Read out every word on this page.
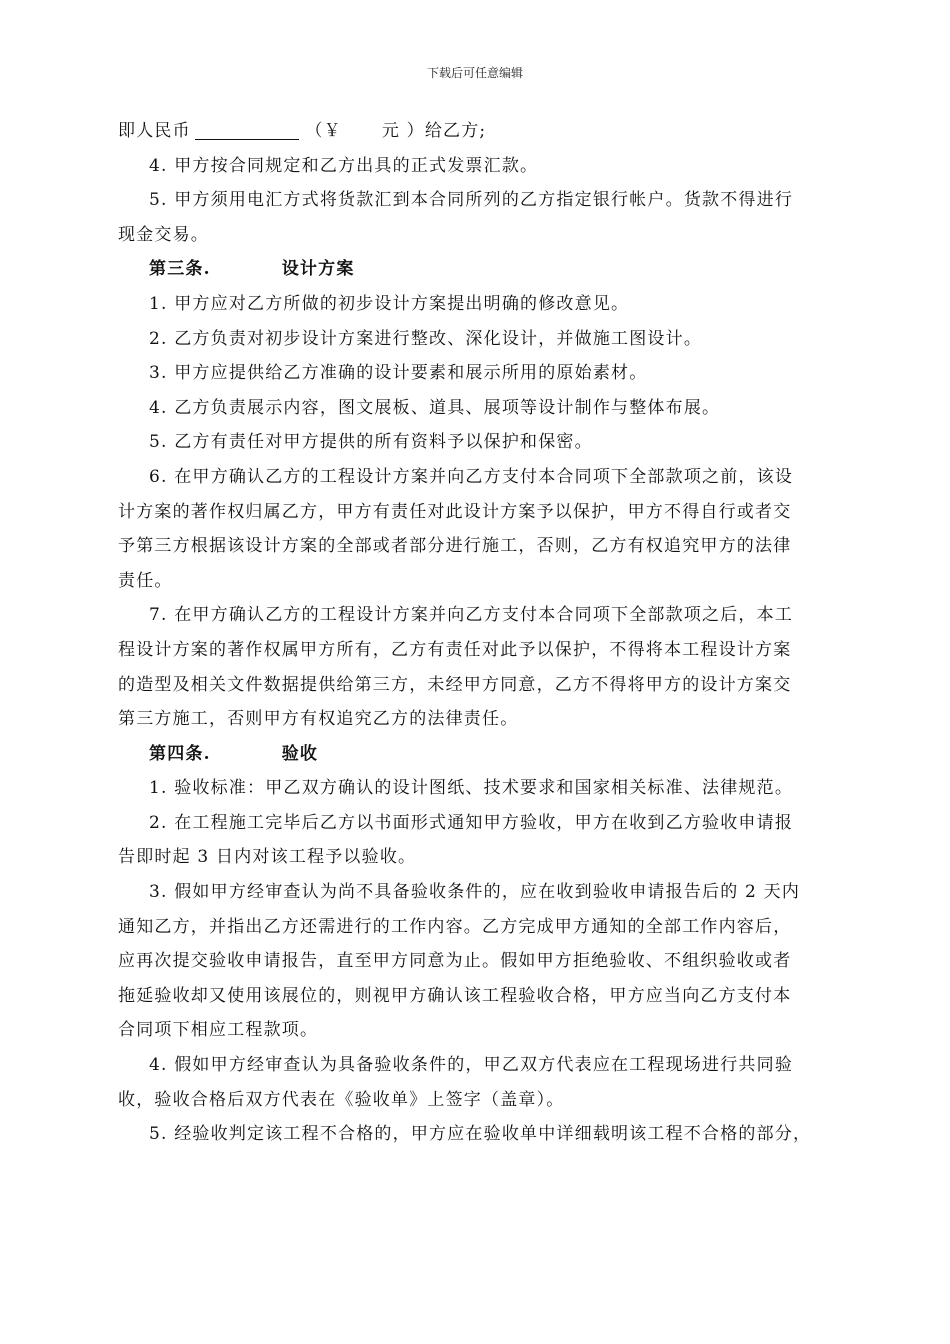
下载后可任意编辑

即人民币	（￥ 元 ）给乙方;

4. 甲方按合同规定和乙方出具的正式发票汇款。

5. 甲方须用电汇方式将货款汇到本合同所列的乙方指定银行帐户。货款不得进行

现金交易。

第三条.	设计方案

1. 甲方应对乙方所做的初步设计方案提出明确的修改意见。

2. 乙方负责对初步设计方案进行整改、深化设计，并做施工图设计。

3. 甲方应提供给乙方准确的设计要素和展示所用的原始素材。

4. 乙方负责展示内容，图文展板、道具、展项等设计制作与整体布展。

5. 乙方有责任对甲方提供的所有资料予以保护和保密。

6. 在甲方确认乙方的工程设计方案并向乙方支付本合同项下全部款项之前，该设

计方案的著作权归属乙方，甲方有责任对此设计方案予以保护，甲方不得自行或者交

予第三方根据该设计方案的全部或者部分进行施工，否则，乙方有权追究甲方的法律

责任。

7. 在甲方确认乙方的工程设计方案并向乙方支付本合同项下全部款项之后，本工

程设计方案的著作权属甲方所有，乙方有责任对此予以保护，不得将本工程设计方案

的造型及相关文件数据提供给第三方，未经甲方同意，乙方不得将甲方的设计方案交

第三方施工，否则甲方有权追究乙方的法律责任。

第四条.	验收

1. 验收标准：甲乙双方确认的设计图纸、技术要求和国家相关标准、法律规范。

2. 在工程施工完毕后乙方以书面形式通知甲方验收，甲方在收到乙方验收申请报

告即时起 3 日内对该工程予以验收。

3. 假如甲方经审查认为尚不具备验收条件的，应在收到验收申请报告后的 2 天内

通知乙方，并指出乙方还需进行的工作内容。乙方完成甲方通知的全部工作内容后，

应再次提交验收申请报告，直至甲方同意为止。假如甲方拒绝验收、不组织验收或者

拖延验收却又使用该展位的，则视甲方确认该工程验收合格，甲方应当向乙方支付本

合同项下相应工程款项。

4. 假如甲方经审查认为具备验收条件的，甲乙双方代表应在工程现场进行共同验

收，验收合格后双方代表在《验收单》上签字（盖章）。

5. 经验收判定该工程不合格的，甲方应在验收单中详细载明该工程不合格的部分，
